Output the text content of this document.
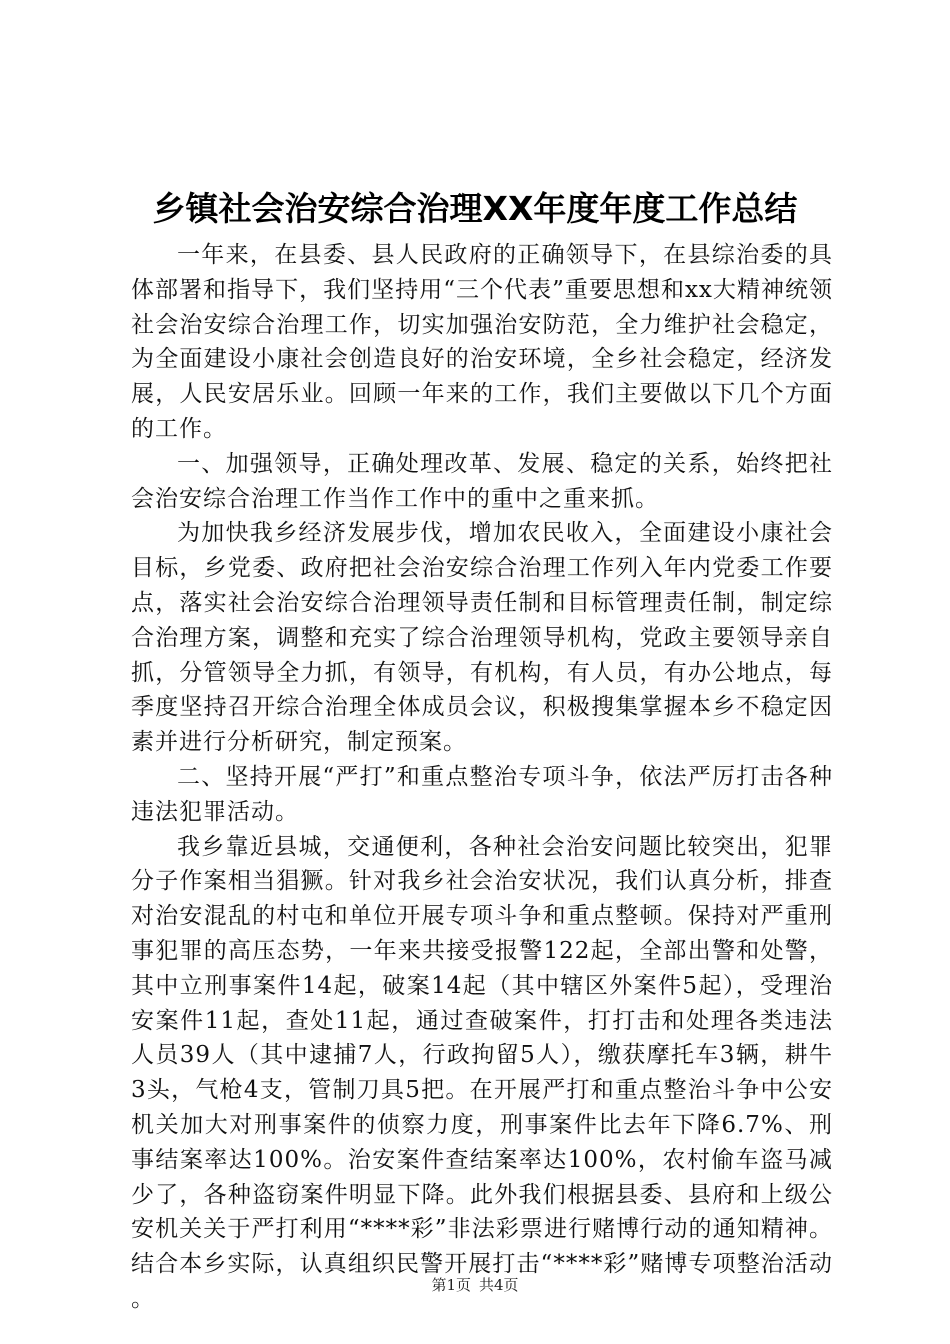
乡镇社会治安综合治理XX年度年度工作总结

一年来，在县委、县人民政府的正确领导下，在县综治委的具体部署和指导下，我们坚持用“三个代表”重要思想和xx大精神统领社会治安综合治理工作，切实加强治安防范，全力维护社会稳定，为全面建设小康社会创造良好的治安环境，全乡社会稳定，经济发展，人民安居乐业。回顾一年来的工作，我们主要做以下几个方面的工作。

一、加强领导，正确处理改革、发展、稳定的关系，始终把社会治安综合治理工作当作工作中的重中之重来抓。

为加快我乡经济发展步伐，增加农民收入，全面建设小康社会目标，乡党委、政府把社会治安综合治理工作列入年内党委工作要点，落实社会治安综合治理领导责任制和目标管理责任制，制定综合治理方案，调整和充实了综合治理领导机构，党政主要领导亲自抓，分管领导全力抓，有领导，有机构，有人员，有办公地点，每季度坚持召开综合治理全体成员会议，积极搜集掌握本乡不稳定因素并进行分析研究，制定预案。

二、坚持开展“严打”和重点整治专项斗争，依法严厉打击各种违法犯罪活动。

我乡靠近县城，交通便利，各种社会治安问题比较突出，犯罪分子作案相当猖獗。针对我乡社会治安状况，我们认真分析，排查对治安混乱的村屯和单位开展专项斗争和重点整顿。保持对严重刑事犯罪的高压态势，一年来共接受报警122起，全部出警和处警，其中立刑事案件14起，破案14起（其中辖区外案件5起），受理治安案件11起，查处11起，通过查破案件，打打击和处理各类违法人员39人（其中逮捕7人，行政拘留5人），缴获摩托车3辆，耕牛3头，气枪4支，管制刀具5把。在开展严打和重点整治斗争中公安机关加大对刑事案件的侦察力度，刑事案件比去年下降6.7%、刑事结案率达100%。治安案件查结案率达100%，农村偷车盗马减少了，各种盗窃案件明显下降。此外我们根据县委、县府和上级公安机关关于严打利用“****彩”非法彩票进行赌博行动的通知精神。结合本乡实际，认真组织民警开展打击“****彩”赌博专项整治活动。

第1页 共4页
